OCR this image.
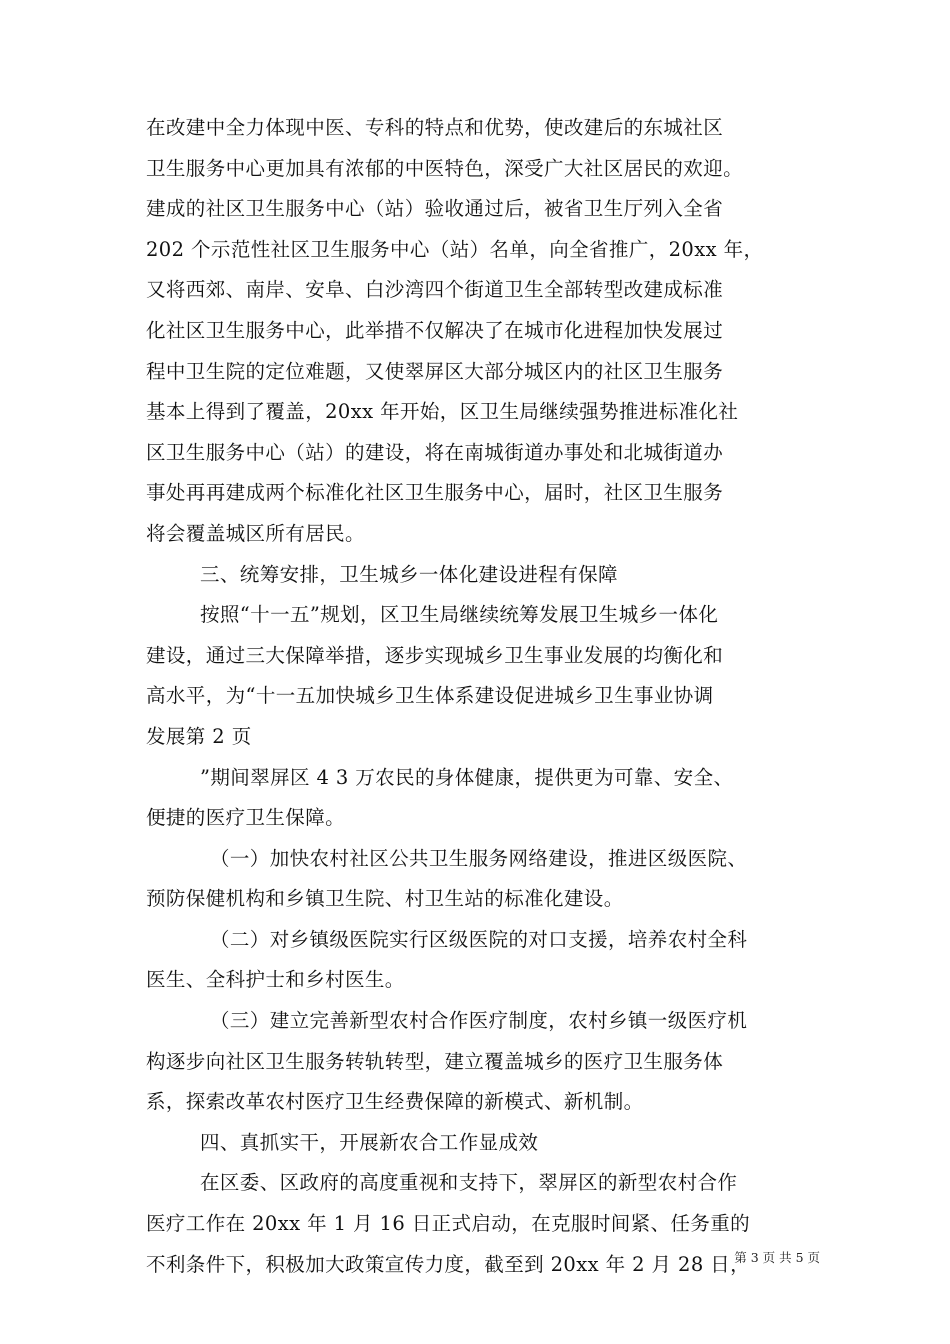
在改建中全力体现中医、专科的特点和优势，使改建后的东城社区
卫生服务中心更加具有浓郁的中医特色，深受广大社区居民的欢迎。
建成的社区卫生服务中心（站）验收通过后，被省卫生厅列入全省
202 个示范性社区卫生服务中心（站）名单，向全省推广，20xx 年，
又将西郊、南岸、安阜、白沙湾四个街道卫生全部转型改建成标准
化社区卫生服务中心，此举措不仅解决了在城市化进程加快发展过
程中卫生院的定位难题，又使翠屏区大部分城区内的社区卫生服务
基本上得到了覆盖，20xx 年开始，区卫生局继续强势推进标准化社
区卫生服务中心（站）的建设，将在南城街道办事处和北城街道办
事处再再建成两个标准化社区卫生服务中心，届时，社区卫生服务
将会覆盖城区所有居民。
三、统筹安排，卫生城乡一体化建设进程有保障
按照“十一五”规划，区卫生局继续统筹发展卫生城乡一体化
建设，通过三大保障举措，逐步实现城乡卫生事业发展的均衡化和
高水平，为“十一五加快城乡卫生体系建设促进城乡卫生事业协调
发展第 2 页
”期间翠屏区 4 3 万农民的身体健康，提供更为可靠、安全、
便捷的医疗卫生保障。
（一）加快农村社区公共卫生服务网络建设，推进区级医院、
预防保健机构和乡镇卫生院、村卫生站的标准化建设。
（二）对乡镇级医院实行区级医院的对口支援，培养农村全科
医生、全科护士和乡村医生。
（三）建立完善新型农村合作医疗制度，农村乡镇一级医疗机
构逐步向社区卫生服务转轨转型，建立覆盖城乡的医疗卫生服务体
系，探索改革农村医疗卫生经费保障的新模式、新机制。
四、真抓实干，开展新农合工作显成效
在区委、区政府的高度重视和支持下，翠屏区的新型农村合作
医疗工作在 20xx 年 1 月 16 日正式启动，在克服时间紧、任务重的
不利条件下，积极加大政策宣传力度，截至到 20xx 年 2 月 28 日，
第 3 页 共 5 页
